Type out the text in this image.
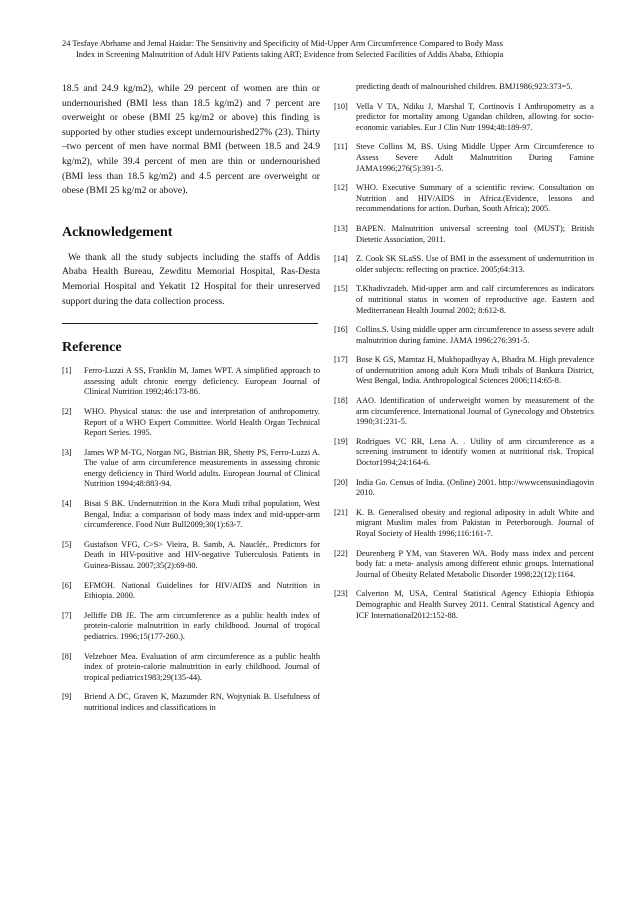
24 Tesfaye Abrhame and Jemal Haidar: The Sensitivity and Specificity of Mid-Upper Arm Circumference Compared to Body Mass
Index in Screening Malnutrition of Adult HIV Patients taking ART; Evidence from Selected Facilities of Addis Ababa, Ethiopia

18.5 and 24.9 kg/m2), while 29 percent of women are thin or undernourished (BMI less than 18.5 kg/m2) and 7 percent are overweight or obese (BMI 25 kg/m2 or above) this finding is supported by other studies except undernourished27% (23). Thirty –two percent of men have normal BMI (between 18.5 and 24.9 kg/m2), while 39.4 percent of men are thin or undernourished (BMI less than 18.5 kg/m2) and 4.5 percent are overweight or obese (BMI 25 kg/m2 or above).

Acknowledgement

We thank all the study subjects including the staffs of Addis Ababa Health Bureau, Zewditu Memorial Hospital, Ras-Desta Memorial Hospital and Yekatit 12 Hospital for their unreserved support during the data collection process.

Reference
[1]	Ferro-Luzzi A SS, Franklin M, James WPT. A simplified approach to assessing adult chronic energy deficiency. European Journal of Clinical Nutrition 1992;46:173-86.
[2]	WHO. Physical status: the use and interpretation of anthropometry. Report of a WHO Expert Committee. World Health Organ Technical Report Series. 1995.
[3]	James WP M-TG, Norgan NG, Bistrian BR, Shetty PS, Ferro-Luzzi A. The value of arm circumference measurements in assessing chronic energy deficiency in Third World adults. European Journal of Clinical Nutrition 1994;48:883-94.
[4]	Bisai S BK. Undernutrition in the Kora Mudi tribal population, West Bengal, India: a comparison of body mass index and mid-upper-arm circumference. Food Nutr Bull2009;30(1):63-7.
[5]	Gustafson VFG, C>S> Vieira, B. Samb, A. Nauclér,. Predictors for Death in HIV-positive and HIV-negative Tuberculosis Patients in Guinea-Bissau. 2007;35(2):69-80.
[6]	EFMOH. National Guidelines for HIV/AIDS and Nutrition in Ethiopia. 2000.
[7]	Jelliffe DB JE. The arm circumference as a public health index of protein-calorie malnutrition in early childhood. Journal of tropical pediatrics. 1996;15(177-260.).
[8]	Velzeboer Mea. Evaluation of arm circumference as a public health index of protein-calorie malnutrition in early childhood. Journal of tropical pediatrics1983;29(135-44).
[9]	Briend A DC, Graven K, Mazumder RN, Wojtyniak B. Usefulness of nutritional indices and classifications in
predicting death of malnourished children. BMJ1986;923:373=5.
[10] Vella V TA, Ndiku J, Marshal T, Cortinovis I Anthropometry as a predictor for mortality among Ugandan children, allowing for socio-economic variables. Eur J Clin Nutr 1994;48:189-97.
[11]	Steve Collins M, BS. Using Middle Upper Arm Circumference to Assess Severe Adult Malnutrition During Famine JAMA1996;276(5):391-5.
[12] WHO. Executive Summary of a scientific review. Consultation on Nutrition and HIV/AIDS in Africa.(Evidence, lessons and recommendations for action. Durban, South Africa); 2005.
[13] BAPEN. Malnutrition universal screening tool (MUST); British Dietetic Association, 2011.
[14] Z. Cook SK SLaSS. Use of BMI in the assessment of undernutrition in older subjects: reflecting on practice. 2005;64:313.
[15] T.Khadivzadeh. Mid-upper arm and calf circumferences as indicators of nutritional status in women of reproductive age. Eastern and Mediterranean Health Journal 2002; 8:612-8.
[16] Collins.S. Using middle upper arm circumference to assess severe adult malnutrition during famine. JAMA 1996;276:391-5.
[17] Bose K GS, Mamtaz H, Mukhopadhyay A, Bhadra M. High prevalence of undernutrition among adult Kora Mudi tribals of Bankura District, West Bengal, India. Anthropological Sciences 2006;114:65-8.
[18] AAO. Identification of underweight women by measurement of the arm circumference. International Journal of Gynecology and Obstetrics 1990;31:231-5.
[19] Rodrigues VC RR, Lena A. . Utility of arm circumference as a screening instrument to identify women at nutritional risk. Tropical Doctor1994;24:164-6.
[20] India Go. Census of India. (Online) 2001. http://wwwcensusindiagovin 2010.
[21] K. B. Generalised obesity and regional adiposity in adult White and migrant Muslim males from Pakistan in Peterborough. Journal of Royal Society of Health 1996;116:161-7.
[22] Deurenberg P YM, van Staveren WA. Body mass index and percent body fat: a meta- analysis among different ethnic groups. International Journal of Obesity Related Metabolic Disorder 1998;22(12):1164.
[23] Calverton M, USA, Central Statistical Agency Ethiopia Ethiopia Demographic and Health Survey 2011. Central Statistical Agency and ICF International2012:152-88.
